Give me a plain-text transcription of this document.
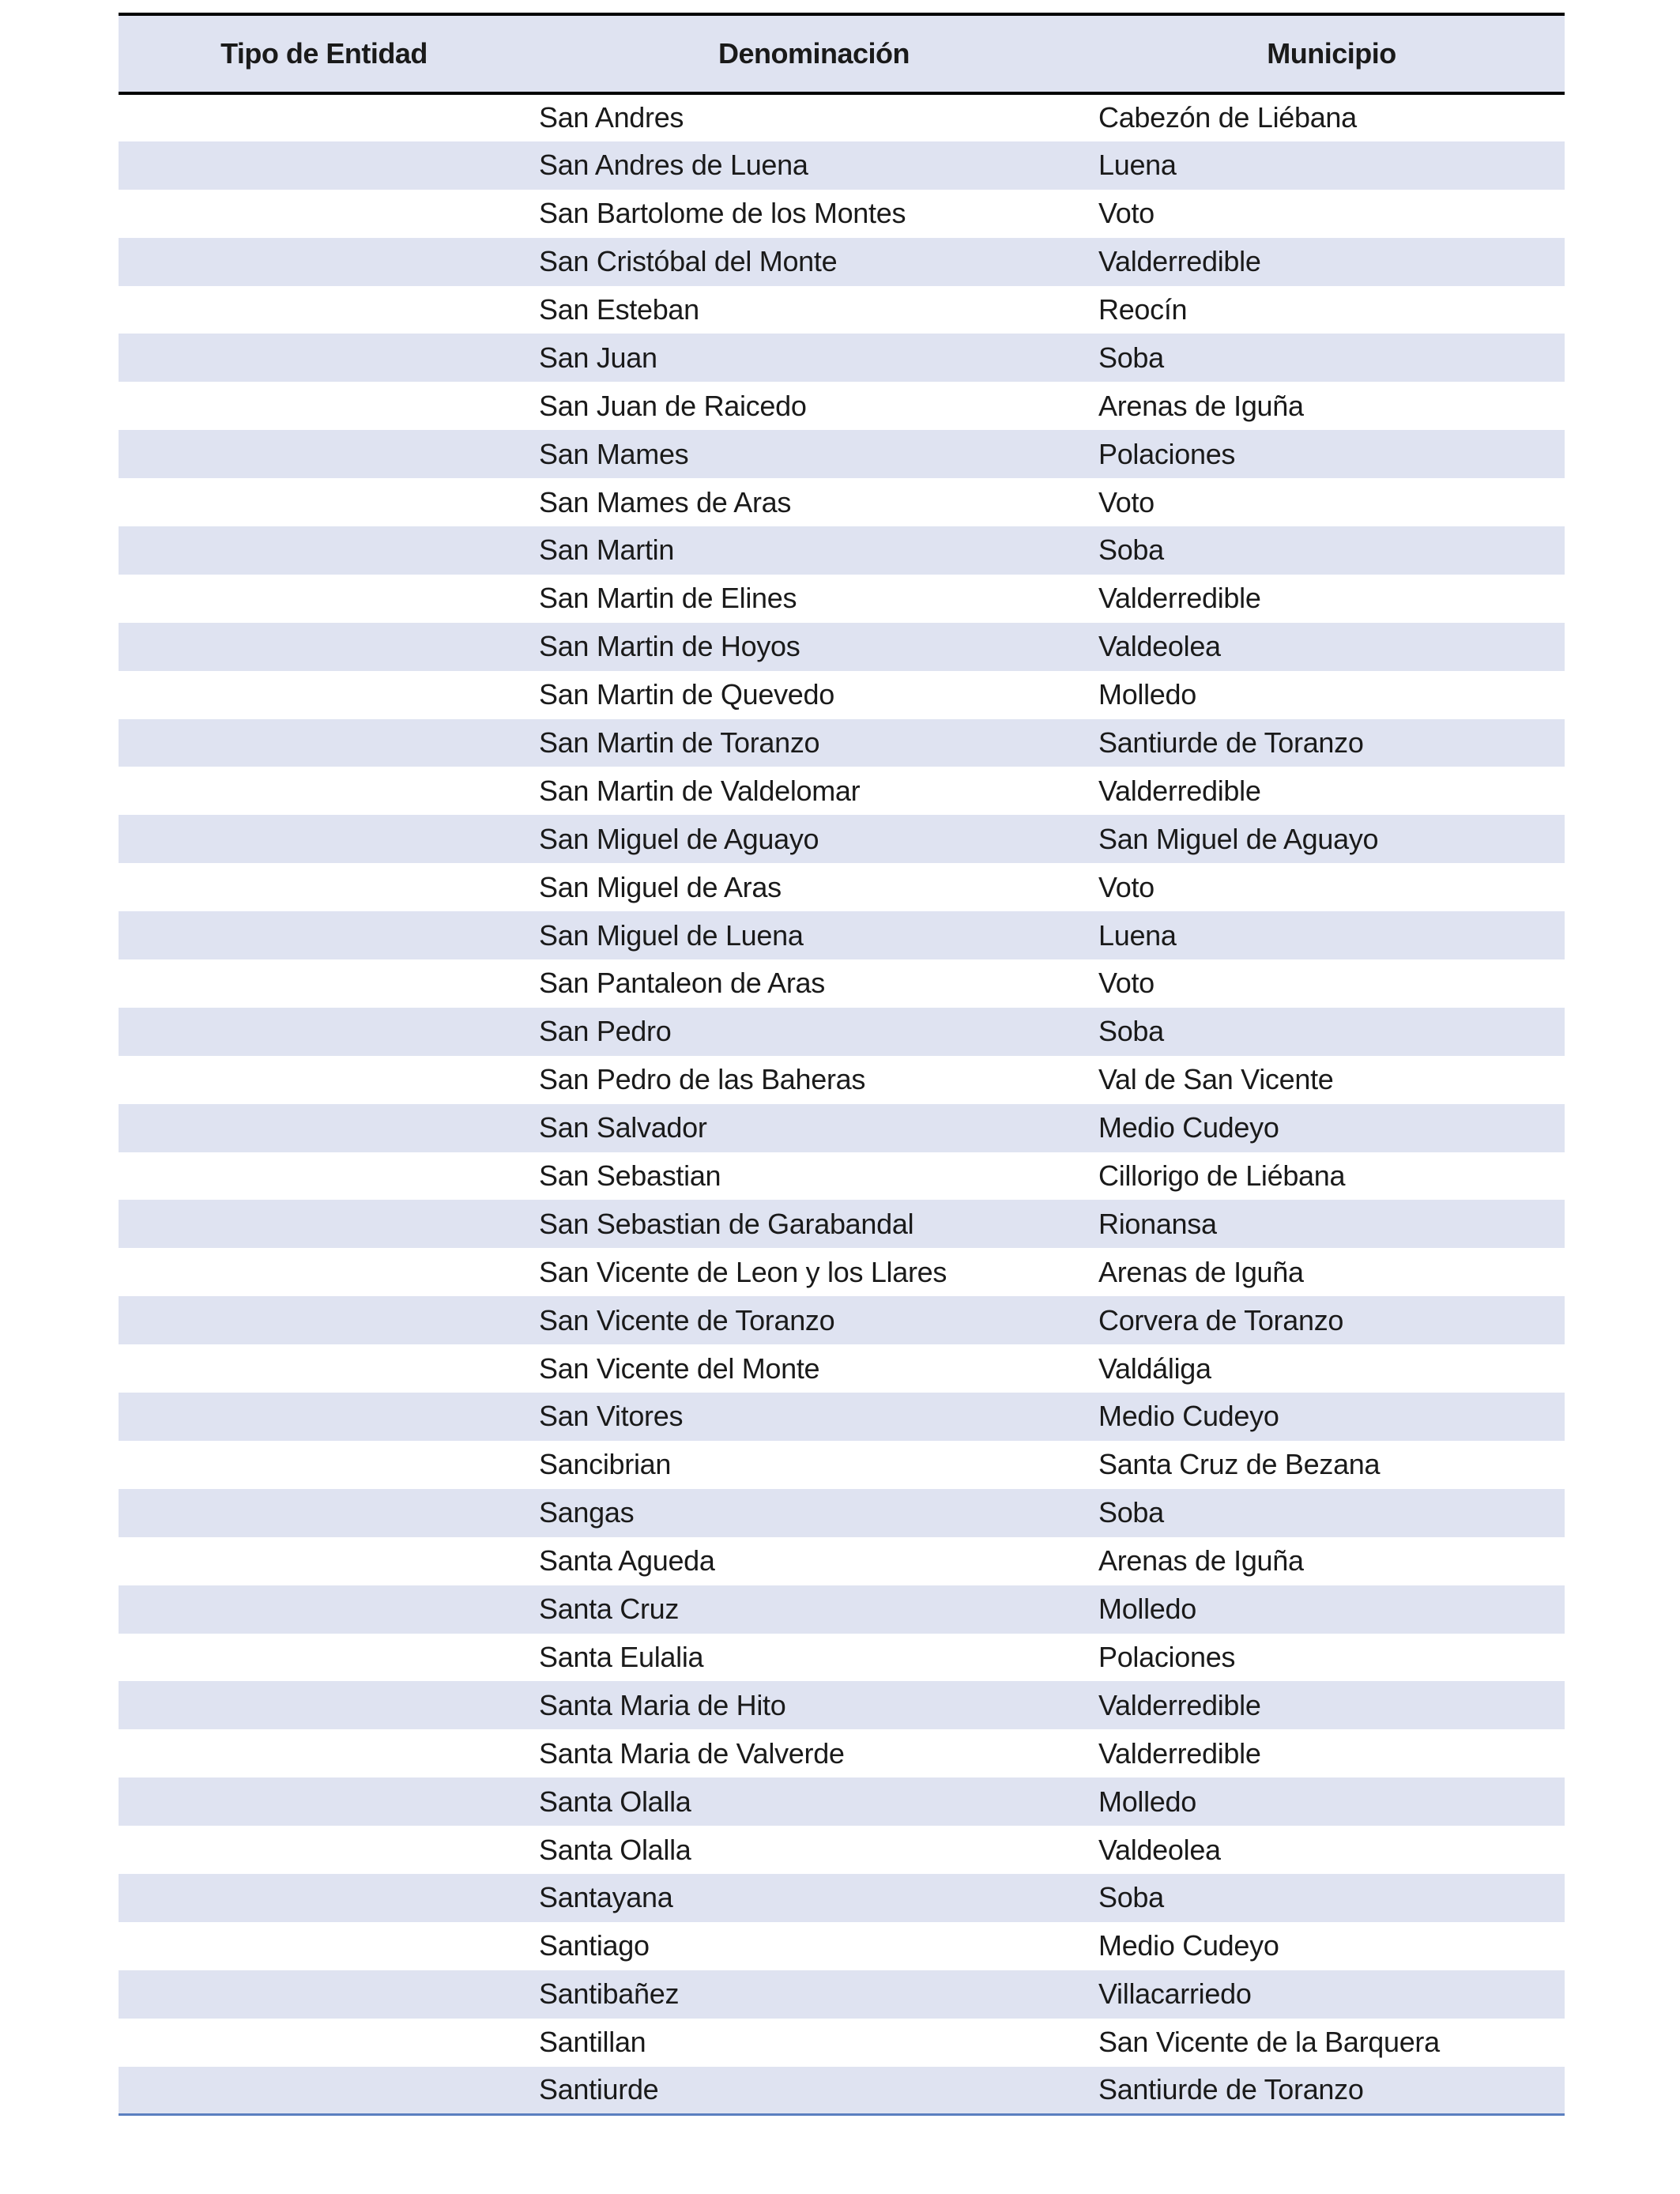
Tipo de Entidad	Denominación	Municipio
	San Andres	Cabezón de Liébana
	San Andres de Luena	Luena
	San Bartolome de los Montes	Voto
	San Cristóbal del Monte	Valderredible
	San Esteban	Reocín
	San Juan	Soba
	San Juan de Raicedo	Arenas de Iguña
	San Mames	Polaciones
	San Mames de Aras	Voto
	San Martin	Soba
	San Martin de Elines	Valderredible
	San Martin de Hoyos	Valdeolea
	San Martin de Quevedo	Molledo
	San Martin de Toranzo	Santiurde de Toranzo
	San Martin de Valdelomar	Valderredible
	San Miguel de Aguayo	San Miguel de Aguayo
	San Miguel de Aras	Voto
	San Miguel de Luena	Luena
	San Pantaleon de Aras	Voto
	San Pedro	Soba
	San Pedro de las Baheras	Val de San Vicente
	San Salvador	Medio Cudeyo
	San Sebastian	Cillorigo de Liébana
	San Sebastian de Garabandal	Rionansa
	San Vicente de Leon y los Llares	Arenas de Iguña
	San Vicente de Toranzo	Corvera de Toranzo
	San Vicente del Monte	Valdáliga
	San Vitores	Medio Cudeyo
	Sancibrian	Santa Cruz de Bezana
	Sangas	Soba
	Santa Agueda	Arenas de Iguña
	Santa Cruz	Molledo
	Santa Eulalia	Polaciones
	Santa Maria de Hito	Valderredible
	Santa Maria de Valverde	Valderredible
	Santa Olalla	Molledo
	Santa Olalla	Valdeolea
	Santayana	Soba
	Santiago	Medio Cudeyo
	Santibañez	Villacarriedo
	Santillan	San Vicente de la Barquera
	Santiurde	Santiurde de Toranzo
